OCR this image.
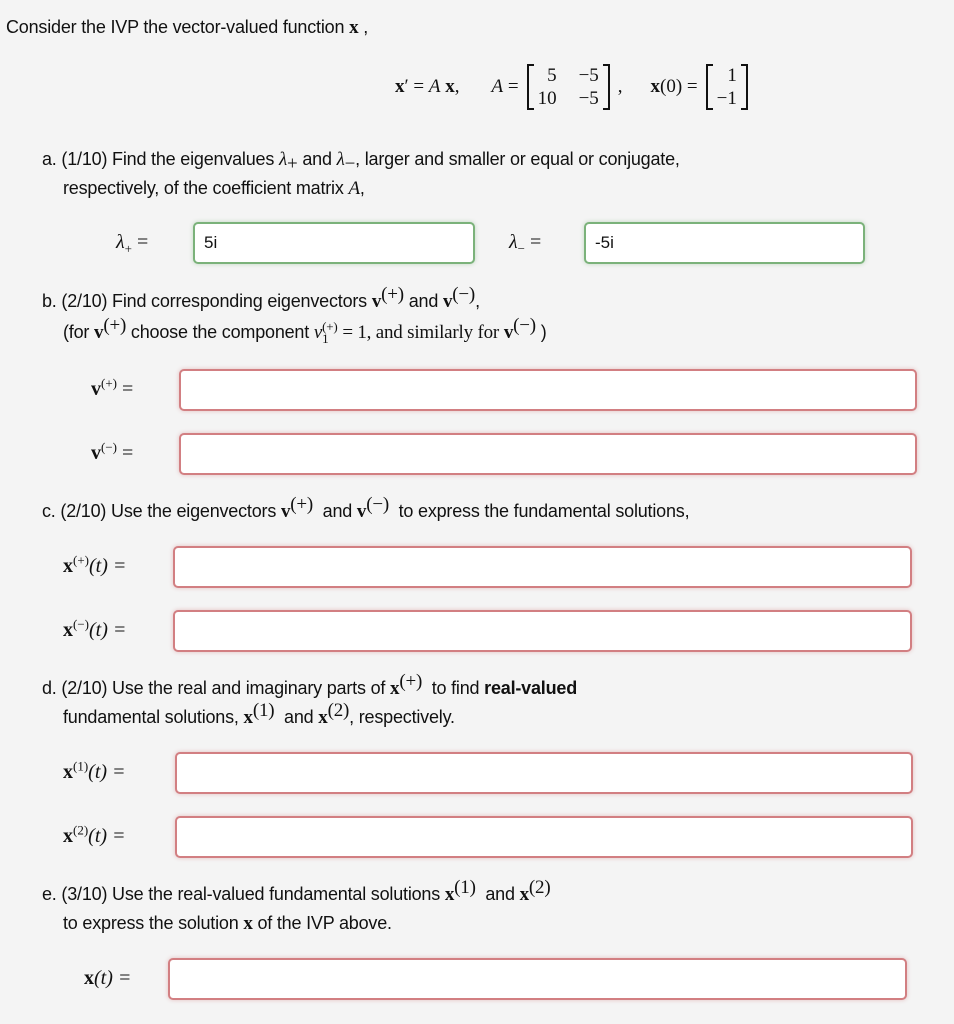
Consider the IVP the vector-valued function x ,
x′ = A x, A =
5 −5
10 −5
, x(0) =
1
−1
a. (1/10) Find the eigenvalues $\lambda_+$ and $\lambda_-$, larger and smaller or equal or conjugate,
respectively, of the coefficient matrix A,
$\lambda_+$ =
5i	$\lambda_-$ =
-5i
b. (2/10) Find corresponding eigenvectors v(+) and v(−),
(for v(+) choose the component v (+)
1 = 1, and similarly for v(−) )
v(+) =
v(−) =
c. (2/10) Use the eigenvectors v(+) and v(−) to express the fundamental solutions,
x(+)(t) =
x(−)(t) =
d. (2/10) Use the real and imaginary parts of x(+) to find real-valued
fundamental solutions, $x^{(1)}$ and $x^{(2)}$, respectively.
$x^{(1)}(t)$ =
$x^{(2)}(t)$ =
e. (3/10) Use the real-valued fundamental solutions $x^{(1)}$ and $x^{(2)}$
to express the solution x of the IVP above.
x(t) =
